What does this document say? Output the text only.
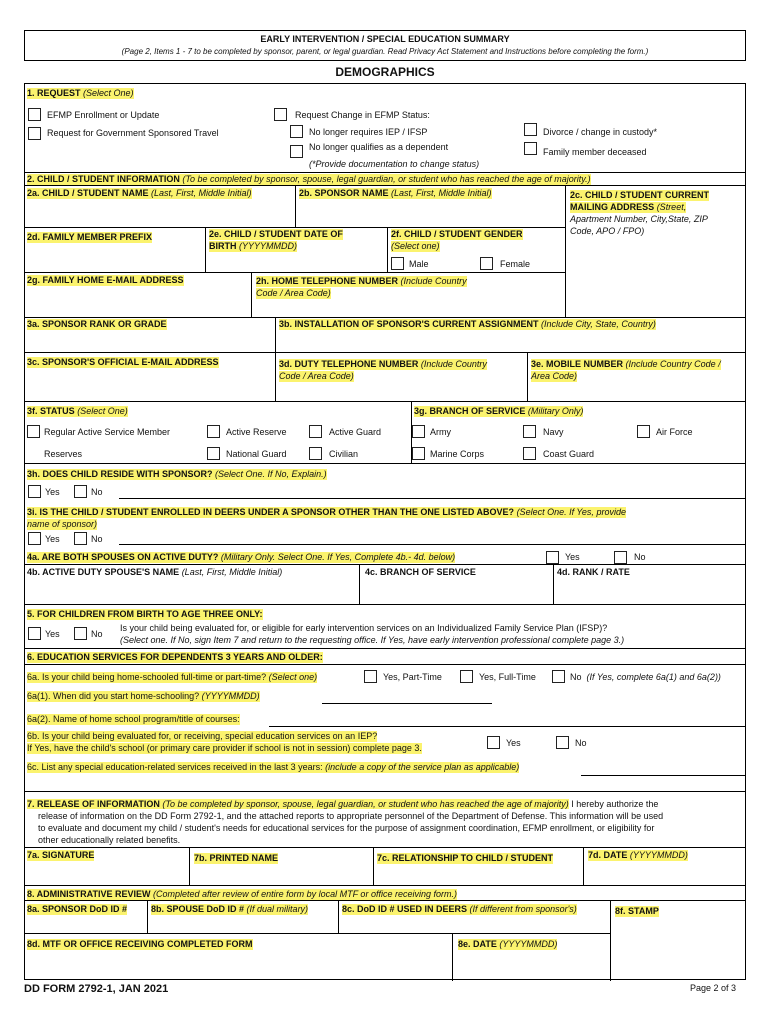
EARLY INTERVENTION / SPECIAL EDUCATION SUMMARY
(Page 2, Items 1 - 7 to be completed by sponsor, parent, or legal guardian. Read Privacy Act Statement and Instructions before completing the form.)
DEMOGRAPHICS
1. REQUEST (Select One)
EFMP Enrollment or Update
Request for Government Sponsored Travel
Request Change in EFMP Status:
No longer requires IEP / IFSP
No longer qualifies as a dependent
(*Provide documentation to change status)
Divorce / change in custody*
Family member deceased
2. CHILD / STUDENT INFORMATION (To be completed by sponsor, spouse, legal guardian, or student who has reached the age of majority.)
2a. CHILD / STUDENT NAME (Last, First, Middle Initial)	2b. SPONSOR NAME (Last, First, Middle Initial)	2c. CHILD / STUDENT CURRENT
MAILING ADDRESS (Street,
Apartment Number, City,State, ZIP
Code, APO / FPO)
2d. FAMILY MEMBER PREFIX	2e. CHILD / STUDENT DATE OF
BIRTH (YYYYMMDD)
2f. CHILD / STUDENT GENDER
(Select one)
Male	Female
2g. FAMILY HOME E-MAIL ADDRESS	2h. HOME TELEPHONE NUMBER (Include Country
Code / Area Code)
3a. SPONSOR RANK OR GRADE	3b. INSTALLATION OF SPONSOR'S CURRENT ASSIGNMENT (Include City, State, Country)
3c. SPONSOR'S OFFICIAL E-MAIL ADDRESS	3d. DUTY TELEPHONE NUMBER (Include Country
Code / Area Code)
3e. MOBILE NUMBER (Include Country Code /
Area Code)
3f. STATUS (Select One)	3g. BRANCH OF SERVICE (Military Only)
Regular Active Service Member	Active Reserve	Active Guard	Army	Navy	Air Force
Reserves	National Guard	Civilian	Marine Corps	Coast Guard
3h. DOES CHILD RESIDE WITH SPONSOR? (Select One. If No, Explain.)
Yes	No
3i. IS THE CHILD / STUDENT ENROLLED IN DEERS UNDER A SPONSOR OTHER THAN THE ONE LISTED ABOVE? (Select One. If Yes, provide
name of sponsor)
Yes	No
4a. ARE BOTH SPOUSES ON ACTIVE DUTY? (Military Only. Select One. If Yes, Complete 4b.- 4d. below)	Yes	No
4b. ACTIVE DUTY SPOUSE'S NAME (Last, First, Middle Initial)	4c. BRANCH OF SERVICE	4d. RANK / RATE
5. FOR CHILDREN FROM BIRTH TO AGE THREE ONLY:
Yes	No
Is your child being evaluated for, or eligible for early intervention services on an Individualized Family Service Plan (IFSP)?
(Select one. If No, sign Item 7 and return to the requesting office. If Yes, have early intervention professional complete page 3.)
6. EDUCATION SERVICES FOR DEPENDENTS 3 YEARS AND OLDER:
6a. Is your child being home-schooled full-time or part-time? (Select one)	Yes, Part-Time	Yes, Full-Time	No (If Yes, complete 6a(1) and 6a(2))
6a(1). When did you start home-schooling? (YYYYMMDD)
6a(2). Name of home school program/title of courses:
6b. Is your child being evaluated for, or receiving, special education services on an IEP?
If Yes, have the child's school (or primary care provider if school is not in session) complete page 3.	Yes	No
6c. List any special education-related services received in the last 3 years: (include a copy of the service plan as applicable)
7. RELEASE OF INFORMATION (To be completed by sponsor, spouse, legal guardian, or student who has reached the age of majority) I hereby authorize the
release of information on the DD Form 2792-1, and the attached reports to appropriate personnel of the Department of Defense. This information will be used
to evaluate and document my child / student's needs for educational services for the purpose of assignment coordination, EFMP enrollment, or eligibility for
other educationally related benefits.
7a. SIGNATURE	7b. PRINTED NAME	7c. RELATIONSHIP TO CHILD / STUDENT	7d. DATE (YYYYMMDD)
8. ADMINISTRATIVE REVIEW (Completed after review of entire form by local MTF or office receiving form.)
8a. SPONSOR DoD ID #	8b. SPOUSE DoD ID # (If dual military)	8c. DoD ID # USED IN DEERS (If different from sponsor's)	8f. STAMP
8d. MTF OR OFFICE RECEIVING COMPLETED FORM	8e. DATE (YYYYMMDD)
DD FORM 2792-1, JAN 2021	Page 2 of 3
